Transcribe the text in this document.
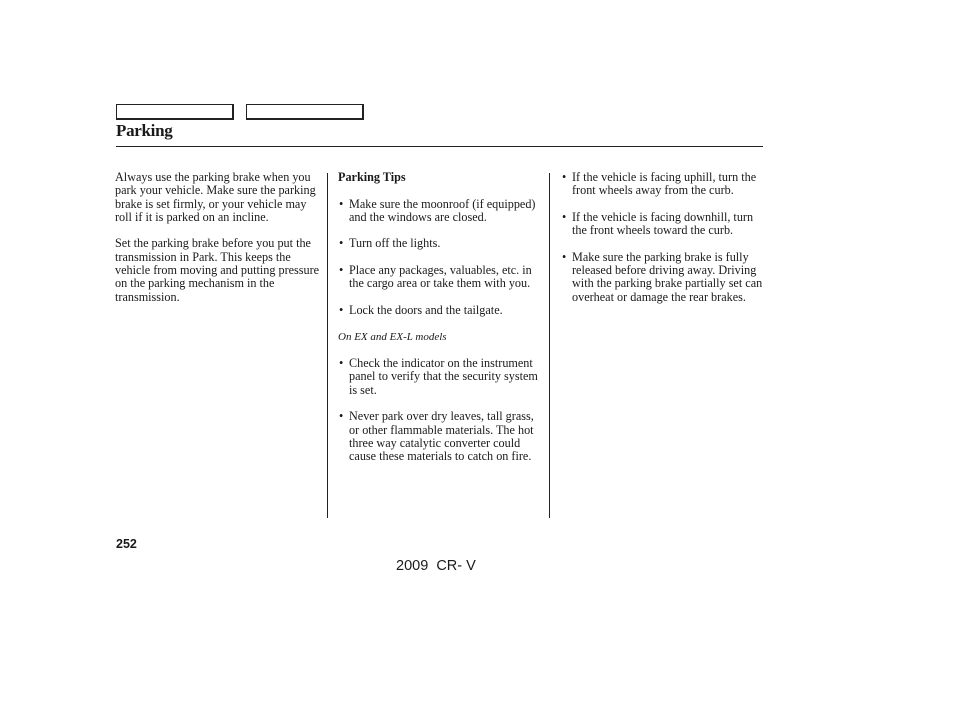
Parking

Always use the parking brake when you park your vehicle. Make sure the parking brake is set firmly, or your vehicle may roll if it is parked on an incline.

Set the parking brake before you put the transmission in Park. This keeps the vehicle from moving and putting pressure on the parking mechanism in the transmission.

Parking Tips

• Make sure the moonroof (if equipped) and the windows are closed.
• Turn off the lights.
• Place any packages, valuables, etc. in the cargo area or take them with you.
• Lock the doors and the tailgate.

On EX and EX-L models

• Check the indicator on the instrument panel to verify that the security system is set.
• Never park over dry leaves, tall grass, or other flammable materials. The hot three way catalytic converter could cause these materials to catch on fire.
• If the vehicle is facing uphill, turn the front wheels away from the curb.
• If the vehicle is facing downhill, turn the front wheels toward the curb.
• Make sure the parking brake is fully released before driving away. Driving with the parking brake partially set can overheat or damage the rear brakes.
252
2009  CR- V
